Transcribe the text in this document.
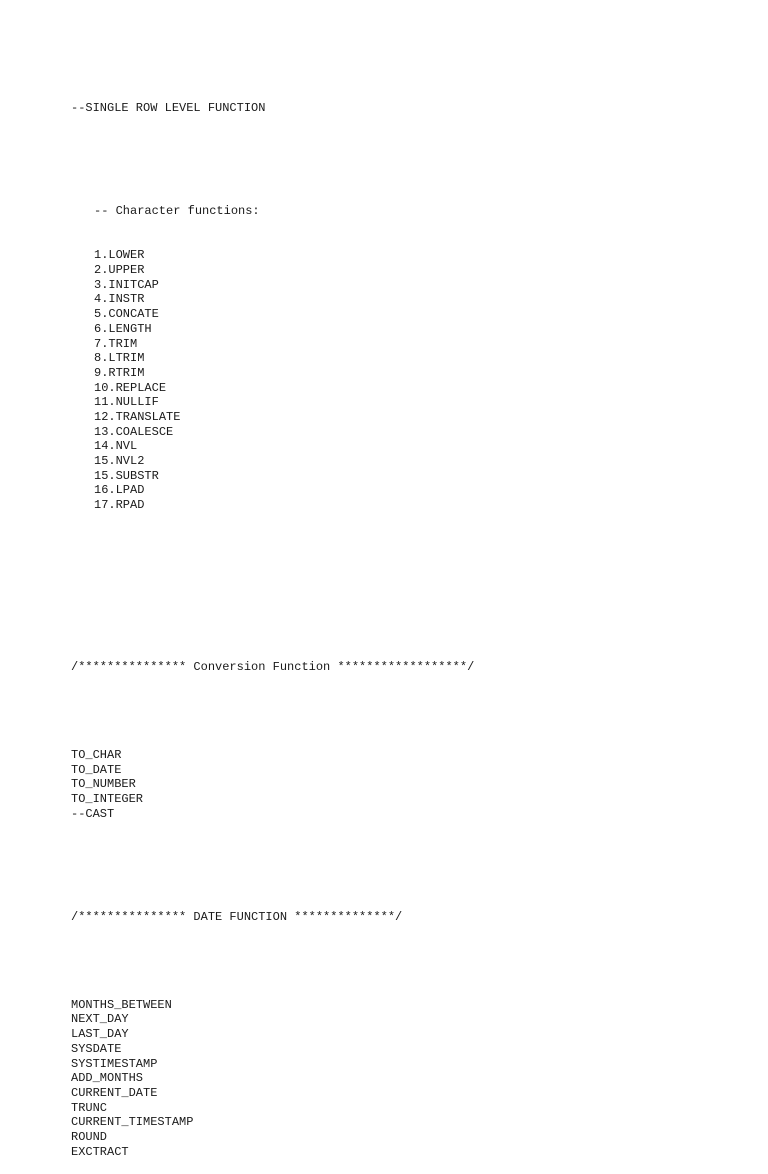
--SINGLE ROW LEVEL FUNCTION

-- Character functions:

1.LOWER
2.UPPER
3.INITCAP
4.INSTR
5.CONCATE
6.LENGTH
7.TRIM
8.LTRIM
9.RTRIM
10.REPLACE
11.NULLIF
12.TRANSLATE
13.COALESCE
14.NVL
15.NVL2
15.SUBSTR
16.LPAD
17.RPAD

/*************** Conversion Function ******************/

TO_CHAR
TO_DATE
TO_NUMBER
TO_INTEGER
--CAST

/*************** DATE FUNCTION **************/

MONTHS_BETWEEN
NEXT_DAY
LAST_DAY
SYSDATE
SYSTIMESTAMP
ADD_MONTHS
CURRENT_DATE
TRUNC
CURRENT_TIMESTAMP
ROUND
EXCTRACT
